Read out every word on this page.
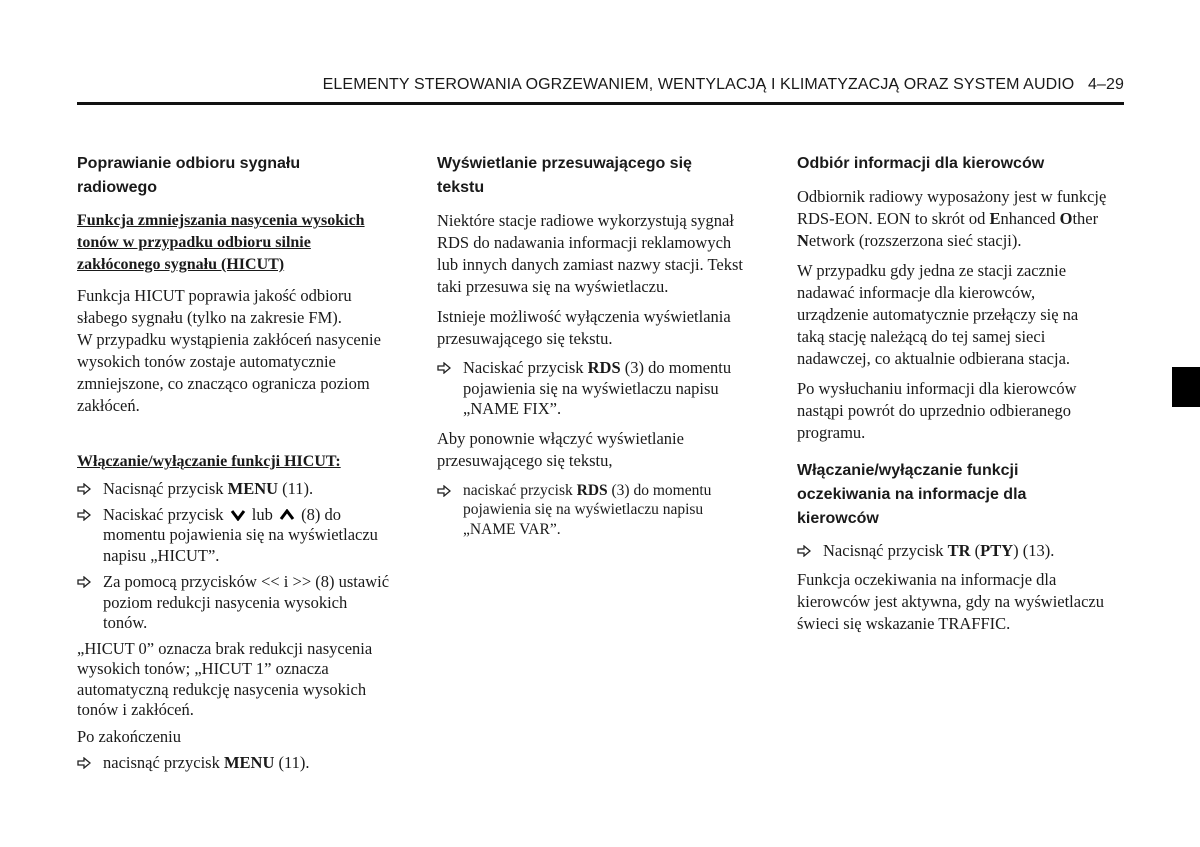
ELEMENTY STEROWANIA OGRZEWANIEM, WENTYLACJĄ I KLIMATYZACJĄ ORAZ SYSTEM AUDIO 4–29
Poprawianie odbioru sygnału
radiowego
Funkcja zmniejszania nasycenia wysokich
tonów w przypadku odbioru silnie
zakłóconego sygnału (HICUT)
Funkcja HICUT poprawia jakość odbioru
słabego sygnału (tylko na zakresie FM).
W przypadku wystąpienia zakłóceń nasycenie
wysokich tonów zostaje automatycznie
zmniejszone, co znacząco ogranicza poziom
zakłóceń.
Włączanie/wyłączanie funkcji HICUT:
Nacisnąć przycisk MENU (11).
Naciskać przycisk  lub  (8) do
momentu pojawienia się na wyświetlaczu
napisu „HICUT”.
Za pomocą przycisków << i >> (8) ustawić
poziom redukcji nasycenia wysokich
tonów.
„HICUT 0” oznacza brak redukcji nasycenia
wysokich tonów; „HICUT 1” oznacza
automatyczną redukcję nasycenia wysokich
tonów i zakłóceń.
Po zakończeniu
nacisnąć przycisk MENU (11).
Wyświetlanie przesuwającego się
tekstu
Niektóre stacje radiowe wykorzystują sygnał
RDS do nadawania informacji reklamowych
lub innych danych zamiast nazwy stacji. Tekst
taki przesuwa się na wyświetlaczu.
Istnieje możliwość wyłączenia wyświetlania
przesuwającego się tekstu.
Naciskać przycisk RDS (3) do momentu
pojawienia się na wyświetlaczu napisu
„NAME FIX”.
Aby ponownie włączyć wyświetlanie
przesuwającego się tekstu,
naciskać przycisk RDS (3) do momentu
pojawienia się na wyświetlaczu napisu
„NAME VAR”.
Odbiór informacji dla kierowców
Odbiornik radiowy wyposażony jest w funkcję
RDS-EON. EON to skrót od Enhanced Other
Network (rozszerzona sieć stacji).
W przypadku gdy jedna ze stacji zacznie
nadawać informacje dla kierowców,
urządzenie automatycznie przełączy się na
taką stację należącą do tej samej sieci
nadawczej, co aktualnie odbierana stacja.
Po wysłuchaniu informacji dla kierowców
nastąpi powrót do uprzednio odbieranego
programu.
Włączanie/wyłączanie funkcji
oczekiwania na informacje dla
kierowców
Nacisnąć przycisk TR (PTY) (13).
Funkcja oczekiwania na informacje dla
kierowców jest aktywna, gdy na wyświetlaczu
świeci się wskazanie TRAFFIC.
